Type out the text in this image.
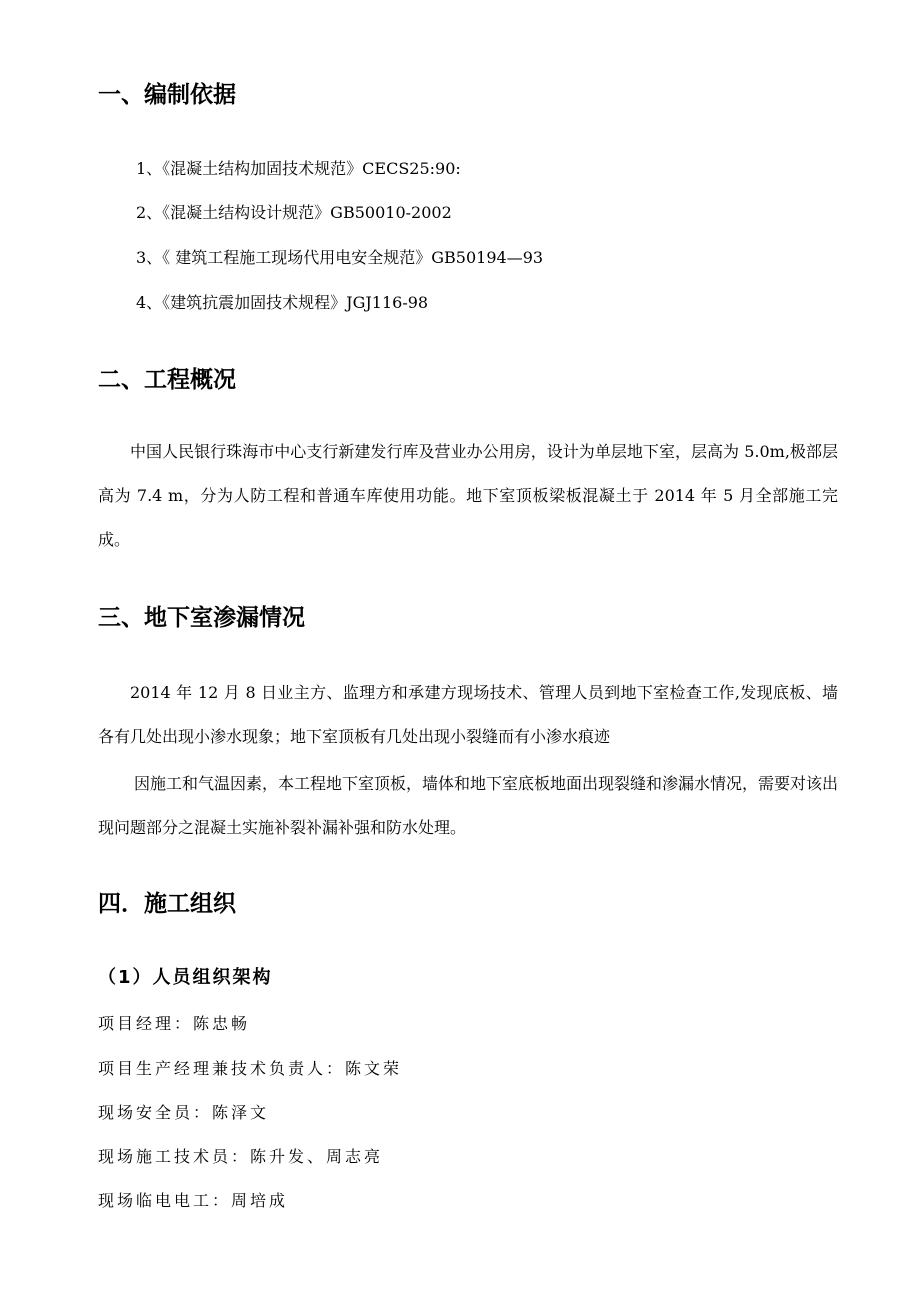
一、编制依据

1、《混凝土结构加固技术规范》CECS25:90:

2、《混凝土结构设计规范》GB50010-2002

3、《 建筑工程施工现场代用电安全规范》GB50194—93

4、《建筑抗震加固技术规程》JGJ116-98

二、工程概况

中国人民银行珠海市中心支行新建发行库及营业办公用房，设计为单层地下室，层高为 5.0m,极部层高为 7.4 m，分为人防工程和普通车库使用功能。地下室顶板梁板混凝土于 2014 年 5 月全部施工完成。

三、地下室渗漏情况

2014 年 12 月 8 日业主方、监理方和承建方现场技术、管理人员到地下室检查工作,发现底板、墙各有几处出现小渗水现象；地下室顶板有几处出现小裂缝而有小渗水痕迹

因施工和气温因素，本工程地下室顶板，墙体和地下室底板地面出现裂缝和渗漏水情况，需要对该出现问题部分之混凝土实施补裂补漏补强和防水处理。

四．施工组织
（1）人员组织架构

项目经理：陈忠畅

项目生产经理兼技术负责人：陈文荣

现场安全员：陈泽文

现场施工技术员：陈升发、周志亮

现场临电电工：周培成
